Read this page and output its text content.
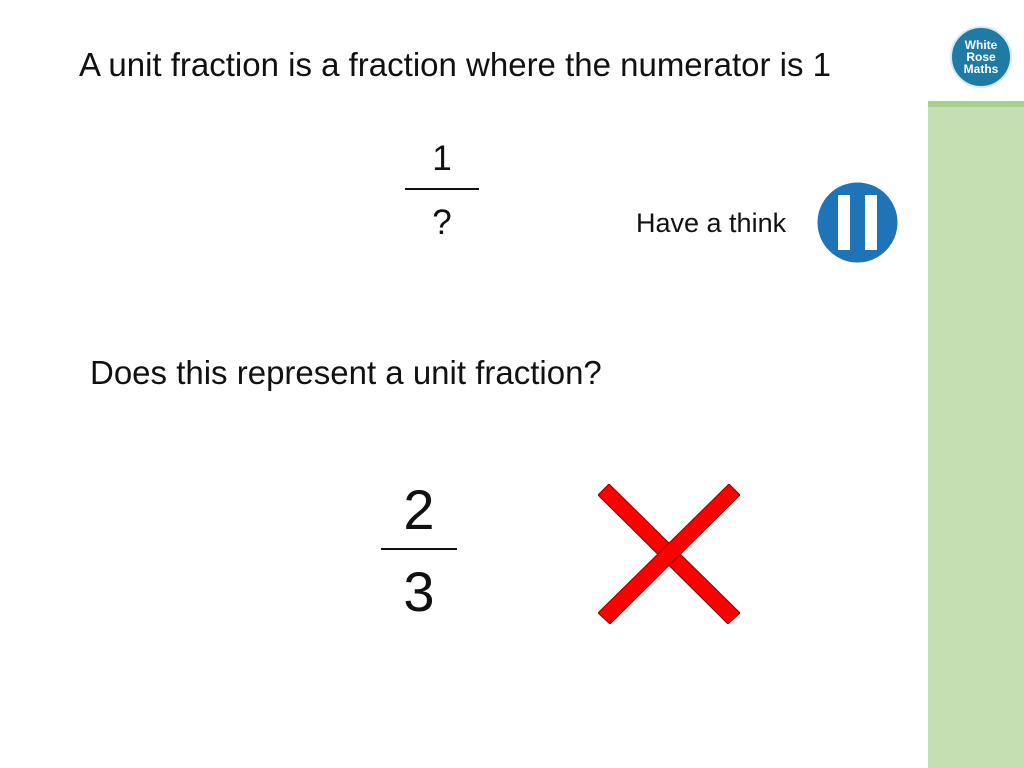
White
Rose
Maths
A unit fraction is a fraction where the numerator is 1
1
?	Have a think
Does this represent a unit fraction?
2
3
